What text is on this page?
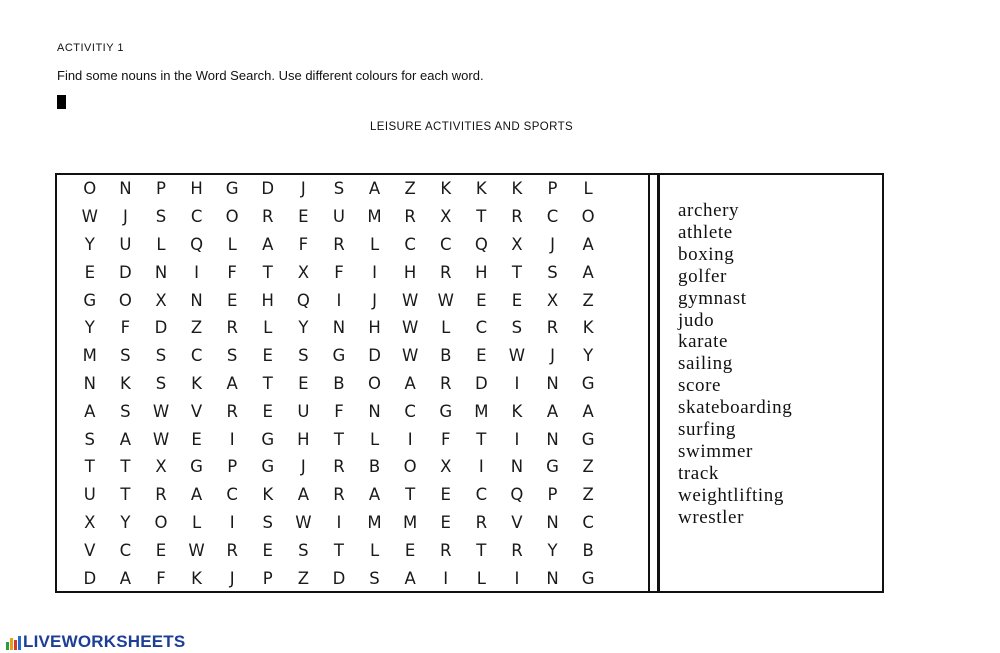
ACTIVITIY 1
Find some nouns in the Word Search. Use different colours for each word.
LEISURE ACTIVITIES AND SPORTS
O	N	P	H	G	D	J	S	A	Z	K	K	K	P	L
W	J	S	C	O	R	E	U	M	R	X	T	R	C	O
Y	U	L	Q	L	A	F	R	L	C	C	Q	X	J	A
E	D	N	I	F	T	X	F	I	H	R	H	T	S	A
G	O	X	N	E	H	Q	I	J	W	W	E	E	X	Z
Y	F	D	Z	R	L	Y	N	H	W	L	C	S	R	K
M	S	S	C	S	E	S	G	D	W	B	E	W	J	Y
N	K	S	K	A	T	E	B	O	A	R	D	I	N	G
A	S	W	V	R	E	U	F	N	C	G	M	K	A	A
S	A	W	E	I	G	H	T	L	I	F	T	I	N	G
T	T	X	G	P	G	J	R	B	O	X	I	N	G	Z
U	T	R	A	C	K	A	R	A	T	E	C	Q	P	Z
X	Y	O	L	I	S	W	I	M	M	E	R	V	N	C
V	C	E	W	R	E	S	T	L	E	R	T	R	Y	B
D	A	F	K	J	P	Z	D	S	A	I	L	I	N	G
archery
athlete
boxing
golfer
gymnast
judo
karate
sailing
score
skateboarding
surfing
swimmer
track
weightlifting
wrestler
LIVEWORKSHEETS
